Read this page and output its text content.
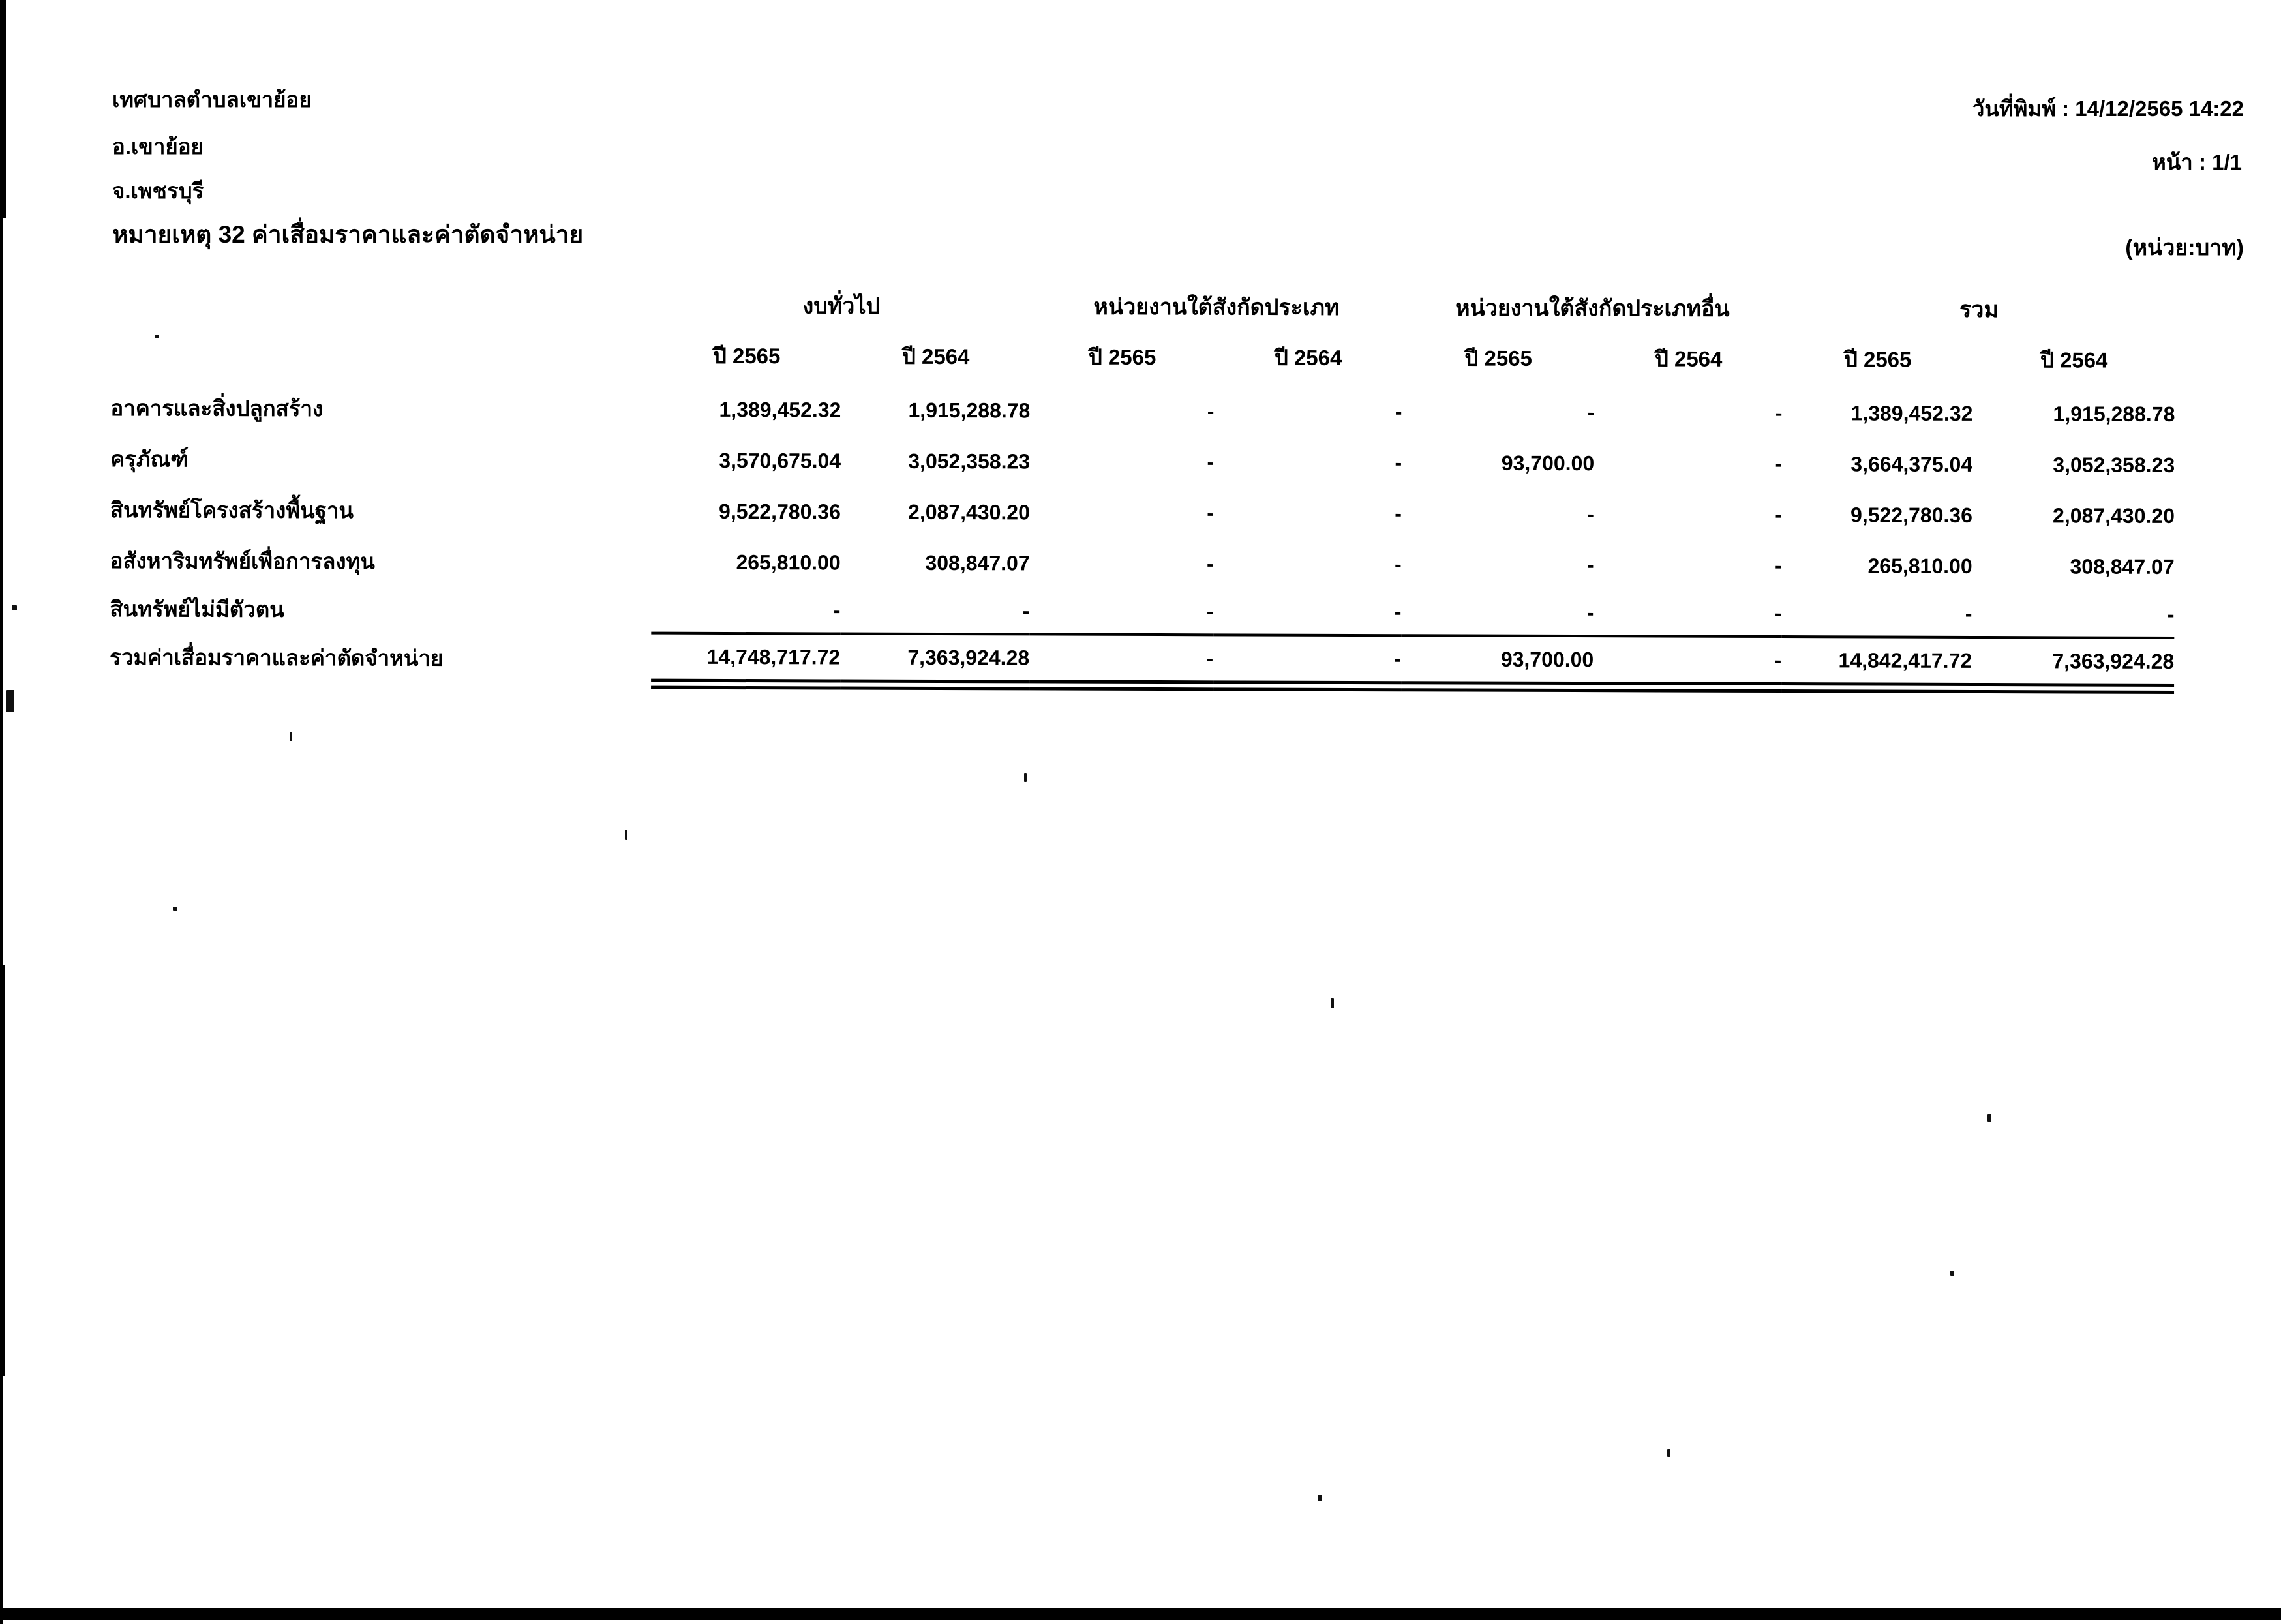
เทศบาลตำบลเขาย้อย
อ.เขาย้อย
จ.เพชรบุรี
วันที่พิมพ์ : 14/12/2565 14:22
หน้า : 1/1
หมายเหตุ 32 ค่าเสื่อมราคาและค่าตัดจำหน่าย	(หน่วย:บาท)
	งบทั่วไป		หน่วยงานใต้สังกัดประเภท		หน่วยงานใต้สังกัดประเภทอื่น		รวม	
	ปี 2565	ปี 2564	ปี 2565	ปี 2564	ปี 2565	ปี 2564	ปี 2565	ปี 2564
อาคารและสิ่งปลูกสร้าง	1,389,452.32	1,915,288.78	-	-	-	-	1,389,452.32	1,915,288.78
ครุภัณฑ์	3,570,675.04	3,052,358.23	-	-	93,700.00	-	3,664,375.04	3,052,358.23
สินทรัพย์โครงสร้างพื้นฐาน	9,522,780.36	2,087,430.20	-	-	-	-	9,522,780.36	2,087,430.20
อสังหาริมทรัพย์เพื่อการลงทุน	265,810.00	308,847.07	-	-	-	-	265,810.00	308,847.07
สินทรัพย์ไม่มีตัวตน	-	-	-	-	-	-	-	-
รวมค่าเสื่อมราคาและค่าตัดจำหน่าย	14,748,717.72	7,363,924.28	-	-	93,700.00	-	14,842,417.72	7,363,924.28
